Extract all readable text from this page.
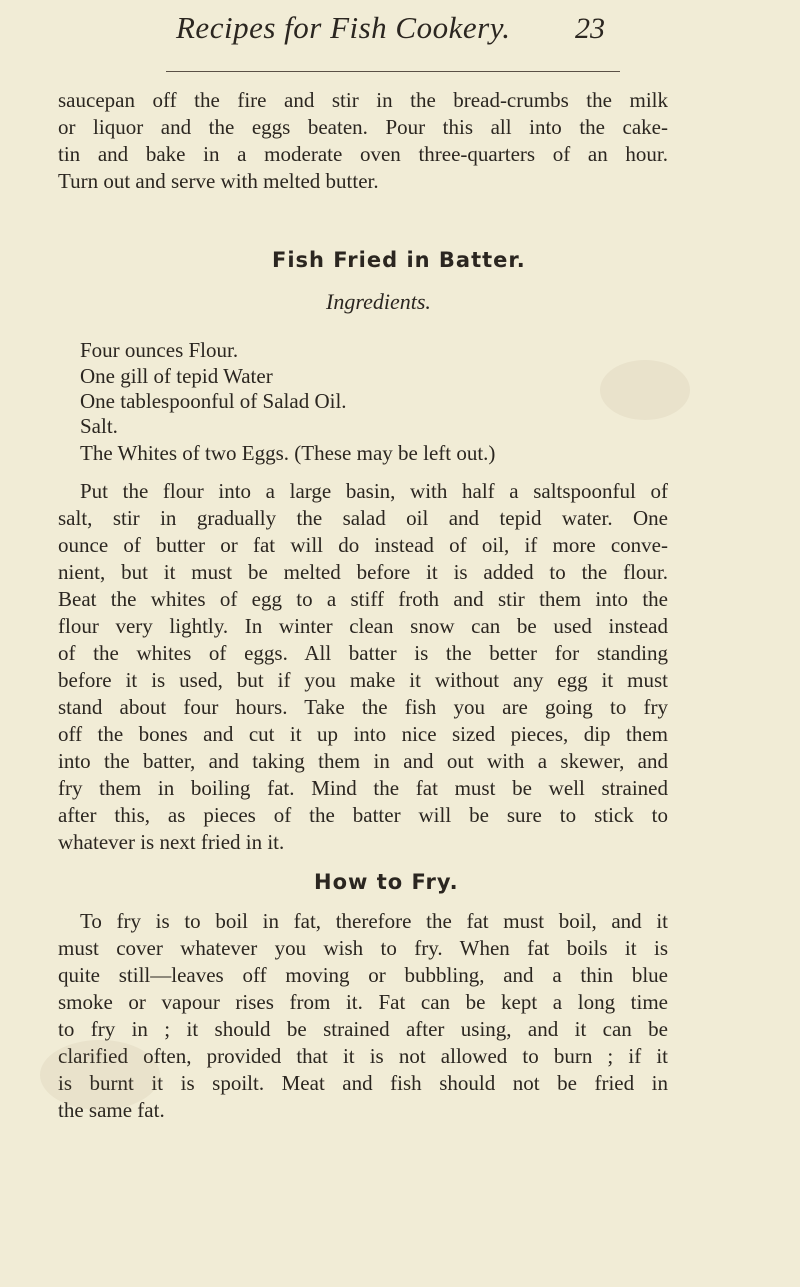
Recipes for Fish Cookery. 23
saucepan off the fire and stir in the bread-crumbs the milk
or liquor and the eggs beaten. Pour this all into the cake-
tin and bake in a moderate oven three-quarters of an hour.
Turn out and serve with melted butter.
Fish Fried in Batter.
Ingredients.
Four ounces Flour.
One gill of tepid Water
One tablespoonful of Salad Oil.
Salt.
The Whites of two Eggs. (These may be left out.)
Put the flour into a large basin, with half a saltspoonful of
salt, stir in gradually the salad oil and tepid water. One
ounce of butter or fat will do instead of oil, if more conve-
nient, but it must be melted before it is added to the flour.
Beat the whites of egg to a stiff froth and stir them into the
flour very lightly. In winter clean snow can be used instead
of the whites of eggs. All batter is the better for standing
before it is used, but if you make it without any egg it must
stand about four hours. Take the fish you are going to fry
off the bones and cut it up into nice sized pieces, dip them
into the batter, and taking them in and out with a skewer, and
fry them in boiling fat. Mind the fat must be well strained
after this, as pieces of the batter will be sure to stick to
whatever is next fried in it.
How to Fry.
To fry is to boil in fat, therefore the fat must boil, and it
must cover whatever you wish to fry. When fat boils it is
quite still—leaves off moving or bubbling, and a thin blue
smoke or vapour rises from it. Fat can be kept a long time
to fry in ; it should be strained after using, and it can be
clarified often, provided that it is not allowed to burn ; if it
is burnt it is spoilt. Meat and fish should not be fried in
the same fat.
